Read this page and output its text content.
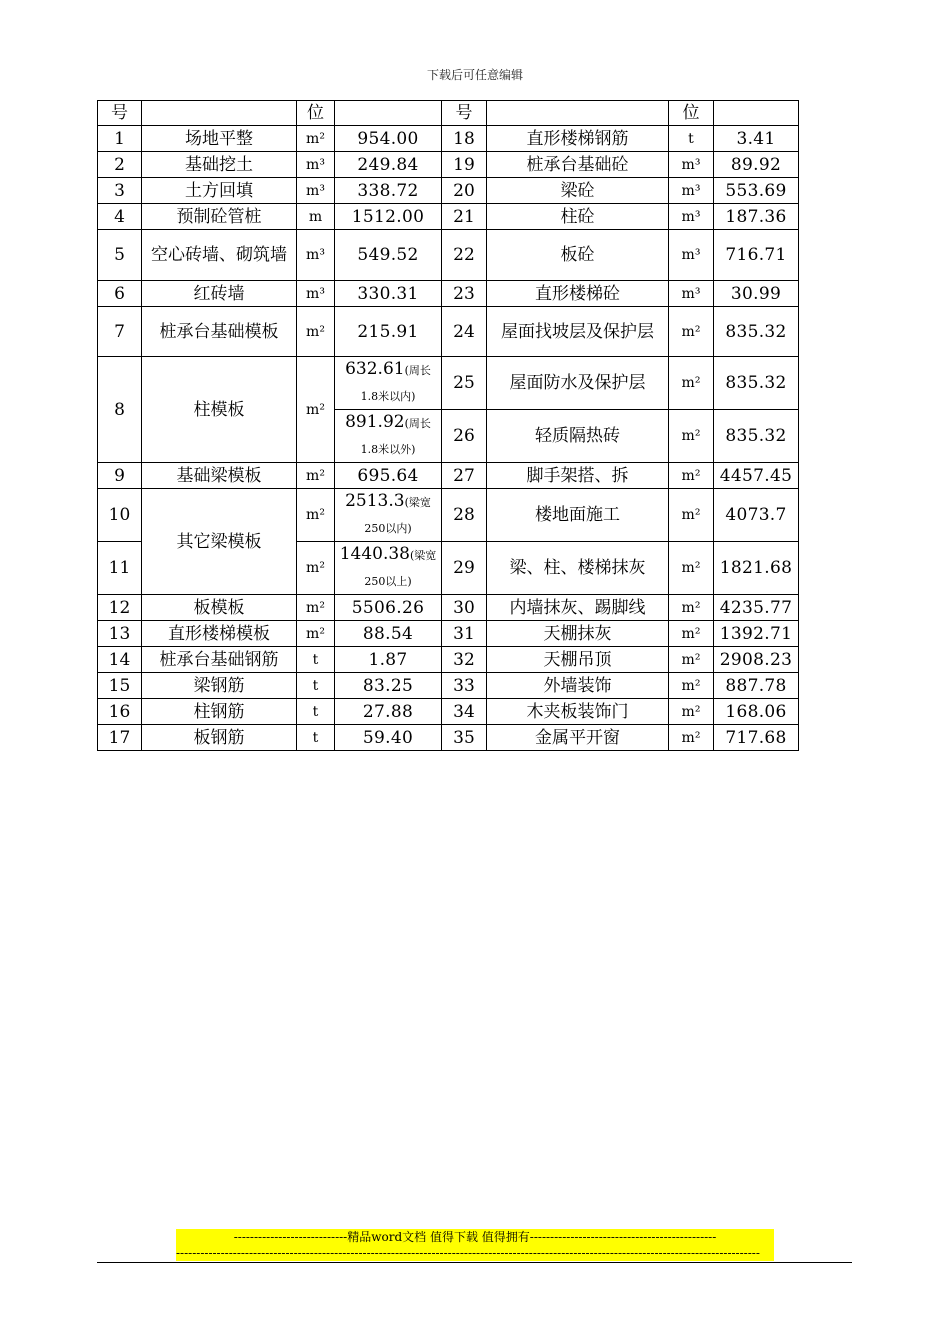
下载后可任意编辑
号		位		号		位	
1	场地平整	m²	954.00	18	直形楼梯钢筋	t	3.41
2	基础挖土	m³	249.84	19	桩承台基础砼	m³	89.92
3	土方回填	m³	338.72	20	梁砼	m³	553.69
4	预制砼管桩	m	1512.00	21	柱砼	m³	187.36
5	空心砖墙、砌筑墙	m³	549.52	22	板砼	m³	716.71
6	红砖墙	m³	330.31	23	直形楼梯砼	m³	30.99
7	桩承台基础模板	m²	215.91	24	屋面找坡层及保护层	m²	835.32
8	柱模板	m²	632.61(周长1.8米以内)	25	屋面防水及保护层	m²	835.32
			891.92(周长1.8米以外)	26	轻质隔热砖	m²	835.32
9	基础梁模板	m²	695.64	27	脚手架搭、拆	m²	4457.45
10	其它梁模板	m²	2513.3(梁宽250以内)	28	楼地面施工	m²	4073.7
11		m²	1440.38(梁宽250以上)	29	梁、柱、楼梯抹灰	m²	1821.68
12	板模板	m²	5506.26	30	内墙抹灰、踢脚线	m²	4235.77
13	直形楼梯模板	m²	88.54	31	天棚抹灰	m²	1392.71
14	桩承台基础钢筋	t	1.87	32	天棚吊顶	m²	2908.23
15	梁钢筋	t	83.25	33	外墙装饰	m²	887.78
16	柱钢筋	t	27.88	34	木夹板装饰门	m²	168.06
17	板钢筋	t	59.40	35	金属平开窗	m²	717.68
----------------------------精品word文档 值得下载 值得拥有----------------------------------------------
------------------------------------------------------------------------------------------------------------------------------------------------
